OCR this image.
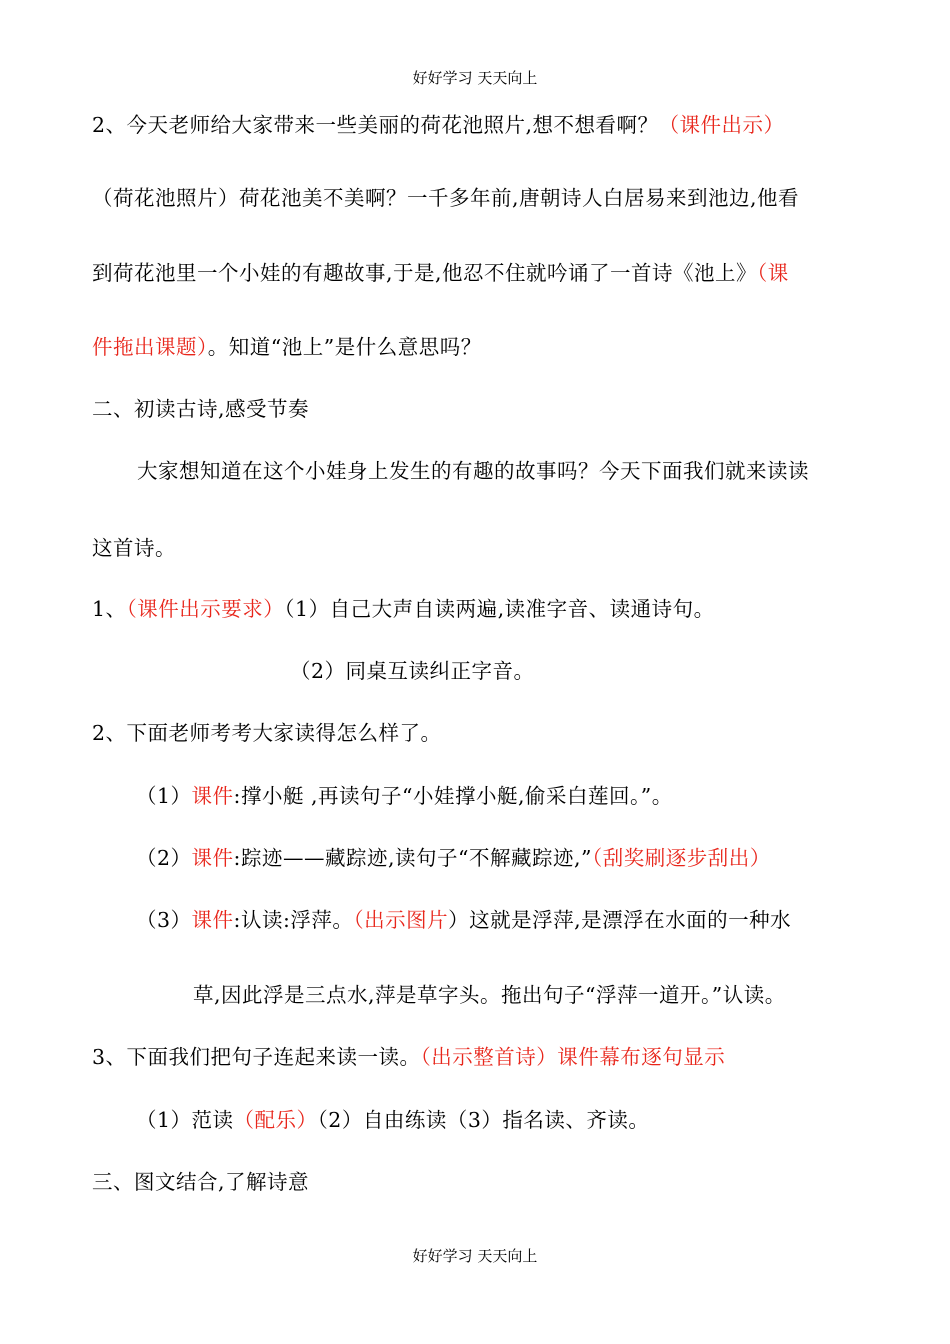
好好学习 天天向上
2、今天老师给大家带来一些美丽的荷花池照片,想不想看啊？（课件出示）
（荷花池照片）荷花池美不美啊？一千多年前,唐朝诗人白居易来到池边,他看
到荷花池里一个小娃的有趣故事,于是,他忍不住就吟诵了一首诗《池上》（课
件拖出课题）。知道“池上”是什么意思吗？
二、初读古诗,感受节奏
大家想知道在这个小娃身上发生的有趣的故事吗？今天下面我们就来读读
这首诗。
1、（课件出示要求）（1）自己大声自读两遍,读准字音、读通诗句。
（2）同桌互读纠正字音。
2、下面老师考考大家读得怎么样了。
（1）课件:撑小艇 ,再读句子“小娃撑小艇,偷采白莲回。”。
（2）课件:踪迹——藏踪迹,读句子“不解藏踪迹,”（刮奖刷逐步刮出）
（3）课件:认读:浮萍。（出示图片）这就是浮萍,是漂浮在水面的一种水
草,因此浮是三点水,萍是草字头。拖出句子“浮萍一道开。”认读。
3、下面我们把句子连起来读一读。（出示整首诗）课件幕布逐句显示
（1）范读（配乐）（2）自由练读（3）指名读、齐读。
三、图文结合,了解诗意
好好学习 天天向上
